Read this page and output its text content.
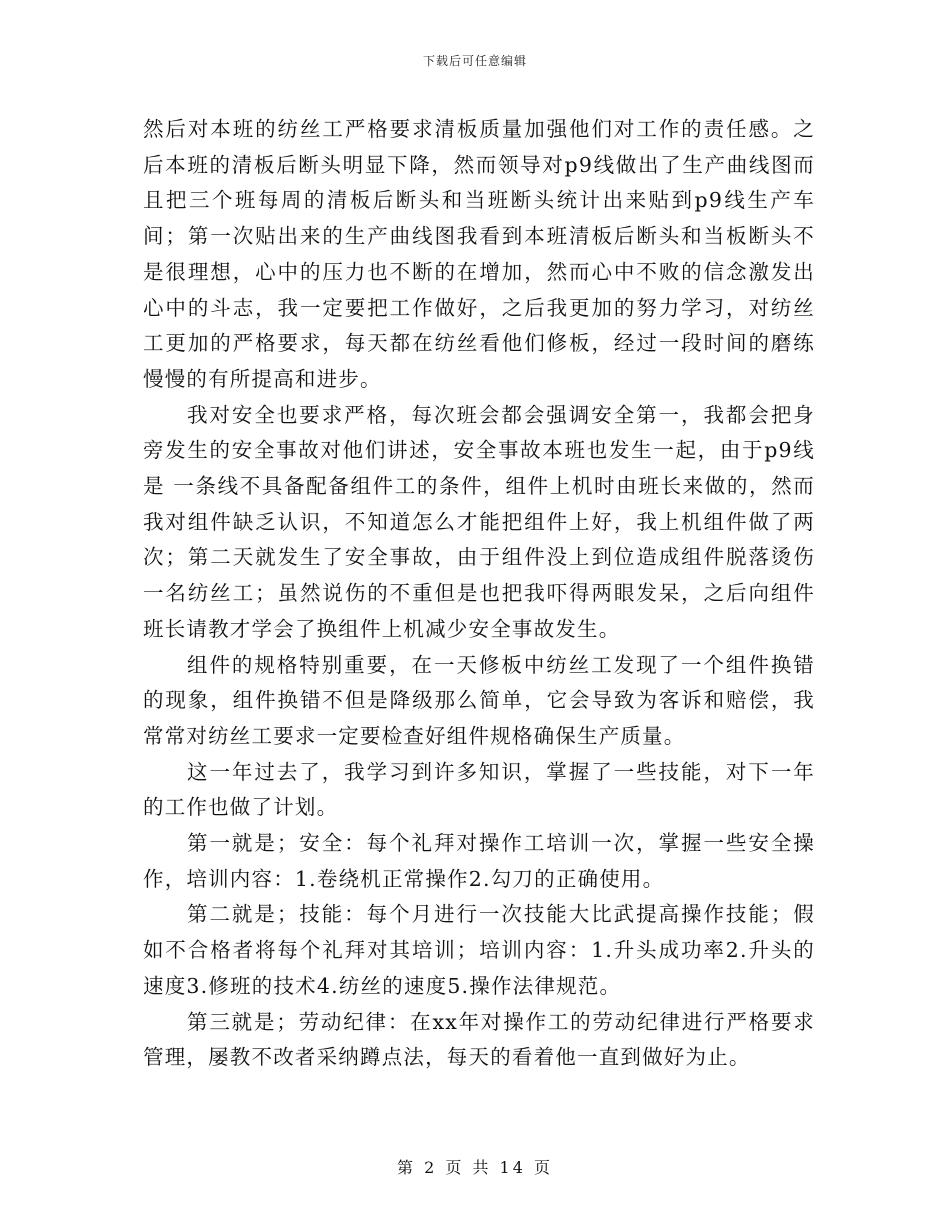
下载后可任意编辑

然后对本班的纺丝工严格要求清板质量加强他们对工作的责任感。之后本班的清板后断头明显下降，然而领导对p9线做出了生产曲线图而且把三个班每周的清板后断头和当班断头统计出来贴到p9线生产车间；第一次贴出来的生产曲线图我看到本班清板后断头和当板断头不是很理想，心中的压力也不断的在增加，然而心中不败的信念激发出心中的斗志，我一定要把工作做好，之后我更加的努力学习，对纺丝工更加的严格要求，每天都在纺丝看他们修板，经过一段时间的磨练慢慢的有所提高和进步。

我对安全也要求严格，每次班会都会强调安全第一，我都会把身旁发生的安全事故对他们讲述，安全事故本班也发生一起，由于p9线是 一条线不具备配备组件工的条件，组件上机时由班长来做的，然而我对组件缺乏认识，不知道怎么才能把组件上好，我上机组件做了两次；第二天就发生了安全事故，由于组件没上到位造成组件脱落烫伤一名纺丝工；虽然说伤的不重但是也把我吓得两眼发呆，之后向组件班长请教才学会了换组件上机减少安全事故发生。

组件的规格特别重要，在一天修板中纺丝工发现了一个组件换错的现象，组件换错不但是降级那么简单，它会导致为客诉和赔偿，我常常对纺丝工要求一定要检查好组件规格确保生产质量。

这一年过去了，我学习到许多知识，掌握了一些技能，对下一年的工作也做了计划。

第一就是；安全：每个礼拜对操作工培训一次，掌握一些安全操作，培训内容：1.卷绕机正常操作2.勾刀的正确使用。

第二就是；技能：每个月进行一次技能大比武提高操作技能；假如不合格者将每个礼拜对其培训；培训内容：1.升头成功率2.升头的速度3.修班的技术4.纺丝的速度5.操作法律规范。

第三就是；劳动纪律：在xx年对操作工的劳动纪律进行严格要求管理，屡教不改者采纳蹲点法，每天的看着他一直到做好为止。

第 2 页 共 14 页
